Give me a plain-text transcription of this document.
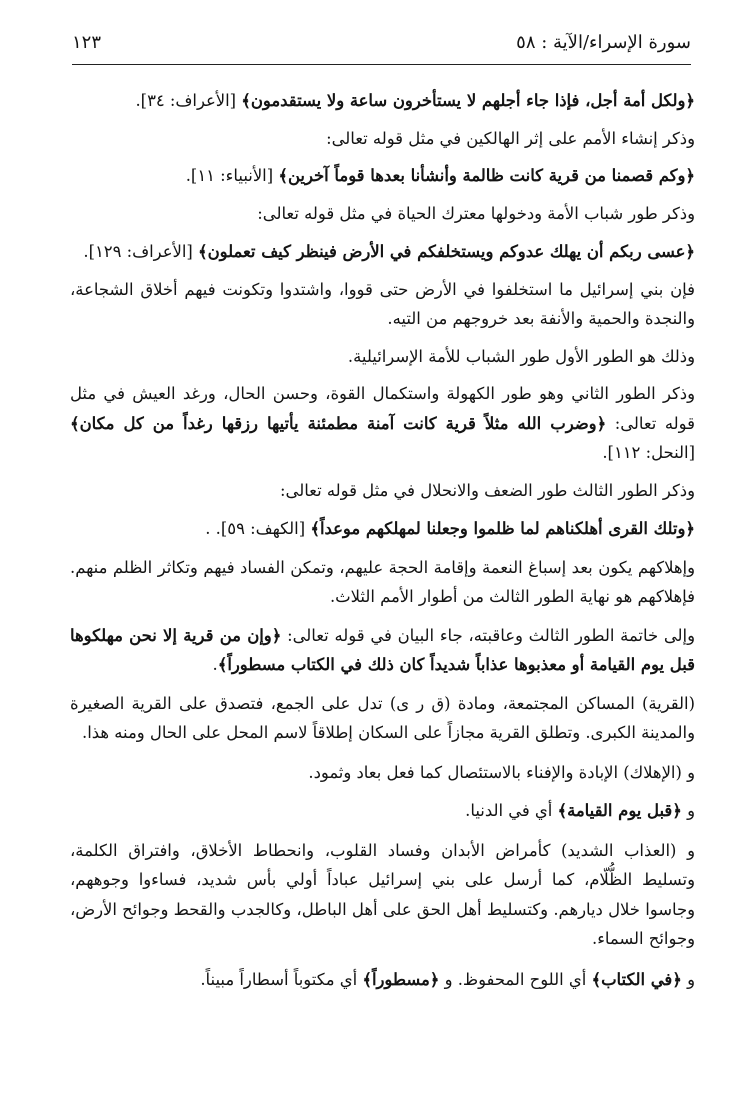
سورة الإسراء/الآية : ٥٨
١٢٣

﴿ولكل أمة أجل، فإذا جاء أجلهم لا يستأخرون ساعة ولا يستقدمون﴾ [الأعراف: ٣٤].

وذكر إنشاء الأمم على إثر الهالكين في مثل قوله تعالى:

﴿وكم قصمنا من قرية كانت ظالمة وأنشأنا بعدها قوماً آخرين﴾ [الأنبياء: ١١].

وذكر طور شباب الأمة ودخولها معترك الحياة في مثل قوله تعالى:

﴿عسى ربكم أن يهلك عدوكم ويستخلفكم في الأرض فينظر كيف تعملون﴾ [الأعراف: ١٢٩].

فإن بني إسرائيل ما استخلفوا في الأرض حتى قووا، واشتدوا وتكونت فيهم أخلاق الشجاعة، والنجدة والحمية والأنفة بعد خروجهم من التيه.

وذلك هو الطور الأول طور الشباب للأمة الإسرائيلية.

وذكر الطور الثاني وهو طور الكهولة واستكمال القوة، وحسن الحال، ورغد العيش في مثل قوله تعالى: ﴿وضرب الله مثلاً قرية كانت آمنة مطمئنة يأتيها رزقها رغداً من كل مكان﴾ [النحل: ١١٢].

وذكر الطور الثالث طور الضعف والانحلال في مثل قوله تعالى:

﴿وتلك القرى أهلكناهم لما ظلموا وجعلنا لمهلكهم موعداً﴾ [الكهف: ٥٩]. .

وإهلاكهم يكون بعد إسباغ النعمة وإقامة الحجة عليهم، وتمكن الفساد فيهم وتكاثر الظلم منهم. فإهلاكهم هو نهاية الطور الثالث من أطوار الأمم الثلاث.

وإلى خاتمة الطور الثالث وعاقبته، جاء البيان في قوله تعالى: ﴿وإن من قرية إلا نحن مهلكوها قبل يوم القيامة أو معذبوها عذاباً شديداً كان ذلك في الكتاب مسطوراً﴾.

(القرية) المساكن المجتمعة، ومادة (ق ر ى) تدل على الجمع، فتصدق على القرية الصغيرة والمدينة الكبرى. وتطلق القرية مجازاً على السكان إطلاقاً لاسم المحل على الحال ومنه هذا.

و (الإهلاك) الإبادة والإفناء بالاستئصال كما فعل بعاد وثمود.

و ﴿قبل يوم القيامة﴾ أي في الدنيا.

و (العذاب الشديد) كأمراض الأبدان وفساد القلوب، وانحطاط الأخلاق، وافتراق الكلمة، وتسليط الظُّلّام، كما أرسل على بني إسرائيل عباداً أولي بأس شديد، فساءوا وجوههم، وجاسوا خلال ديارهم. وكتسليط أهل الحق على أهل الباطل، وكالجدب والقحط وجوائح الأرض، وجوائح السماء.

و ﴿في الكتاب﴾ أي اللوح المحفوظ. و ﴿مسطوراً﴾ أي مكتوباً أسطاراً مبيناً.
